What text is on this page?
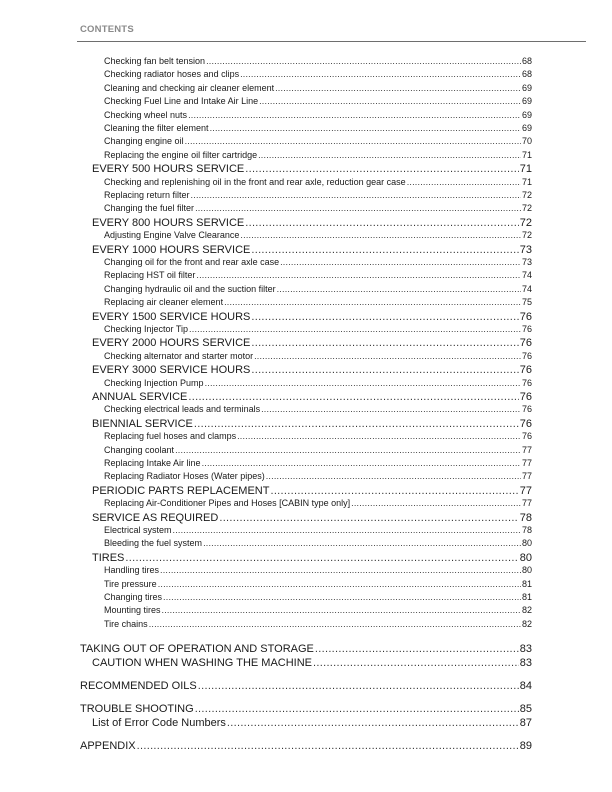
CONTENTS
Checking fan belt tension .....	68
Checking radiator hoses and clips .....	68
Cleaning and checking air cleaner element .....	69
Checking Fuel Line and Intake Air Line .....	69
Checking wheel nuts .....	69
Cleaning the filter element .....	69
Changing engine oil .....	70
Replacing the engine oil filter cartridge .....	71
EVERY 500 HOURS SERVICE .....	71
Checking and replenishing oil in the front and rear axle, reduction gear case .....	71
Replacing return filter .....	72
Changing the fuel filter .....	72
EVERY 800 HOURS SERVICE .....	72
Adjusting Engine Valve Clearance .....	72
EVERY 1000 HOURS SERVICE .....	73
Changing oil for the front and rear axle case .....	73
Replacing HST oil filter .....	74
Changing hydraulic oil and the suction filter .....	74
Replacing air cleaner element .....	75
EVERY 1500 SERVICE HOURS .....	76
Checking Injector Tip .....	76
EVERY 2000 HOURS SERVICE .....	76
Checking alternator and starter motor .....	76
EVERY 3000 SERVICE HOURS .....	76
Checking Injection Pump .....	76
ANNUAL SERVICE .....	76
Checking electrical leads and terminals .....	76
BIENNIAL SERVICE .....	76
Replacing fuel hoses and clamps .....	76
Changing coolant .....	77
Replacing Intake Air line .....	77
Replacing Radiator Hoses (Water pipes) .....	77
PERIODIC PARTS REPLACEMENT .....	77
Replacing Air-Conditioner Pipes and Hoses [CABIN type only] .....	77
SERVICE AS REQUIRED .....	78
Electrical system .....	78
Bleeding the fuel system .....	80
TIRES .....	80
Handling tires .....	80
Tire pressure .....	81
Changing tires .....	81
Mounting tires .....	82
Tire chains .....	82
TAKING OUT OF OPERATION AND STORAGE .....	83
CAUTION WHEN WASHING THE MACHINE .....	83
RECOMMENDED OILS .....	84
TROUBLE SHOOTING .....	85
List of Error Code Numbers .....	87
APPENDIX .....	89
